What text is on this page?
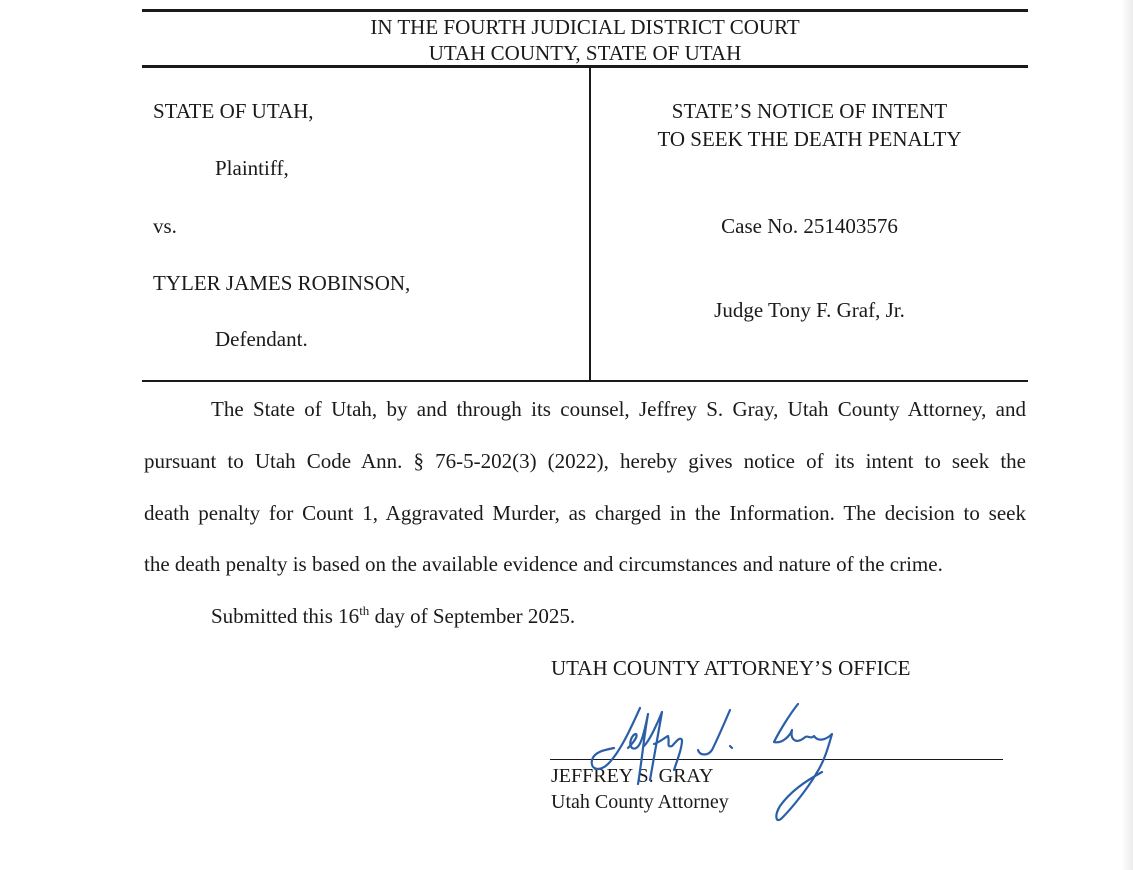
IN THE FOURTH JUDICIAL DISTRICT COURT
UTAH COUNTY, STATE OF UTAH
STATE OF UTAH,
Plaintiff,
vs.
TYLER JAMES ROBINSON,
Defendant.
STATE’S NOTICE OF INTENT
TO SEEK THE DEATH PENALTY
Case No. 251403576
Judge Tony F. Graf, Jr.
The State of Utah, by and through its counsel, Jeffrey S. Gray, Utah County Attorney, and
pursuant to Utah Code Ann. § 76-5-202(3) (2022), hereby gives notice of its intent to seek the
death penalty for Count 1, Aggravated Murder, as charged in the Information. The decision to seek
the death penalty is based on the available evidence and circumstances and nature of the crime.
Submitted this 16th day of September 2025.
UTAH COUNTY ATTORNEY’S OFFICE
JEFFREY S. GRAY
Utah County Attorney
